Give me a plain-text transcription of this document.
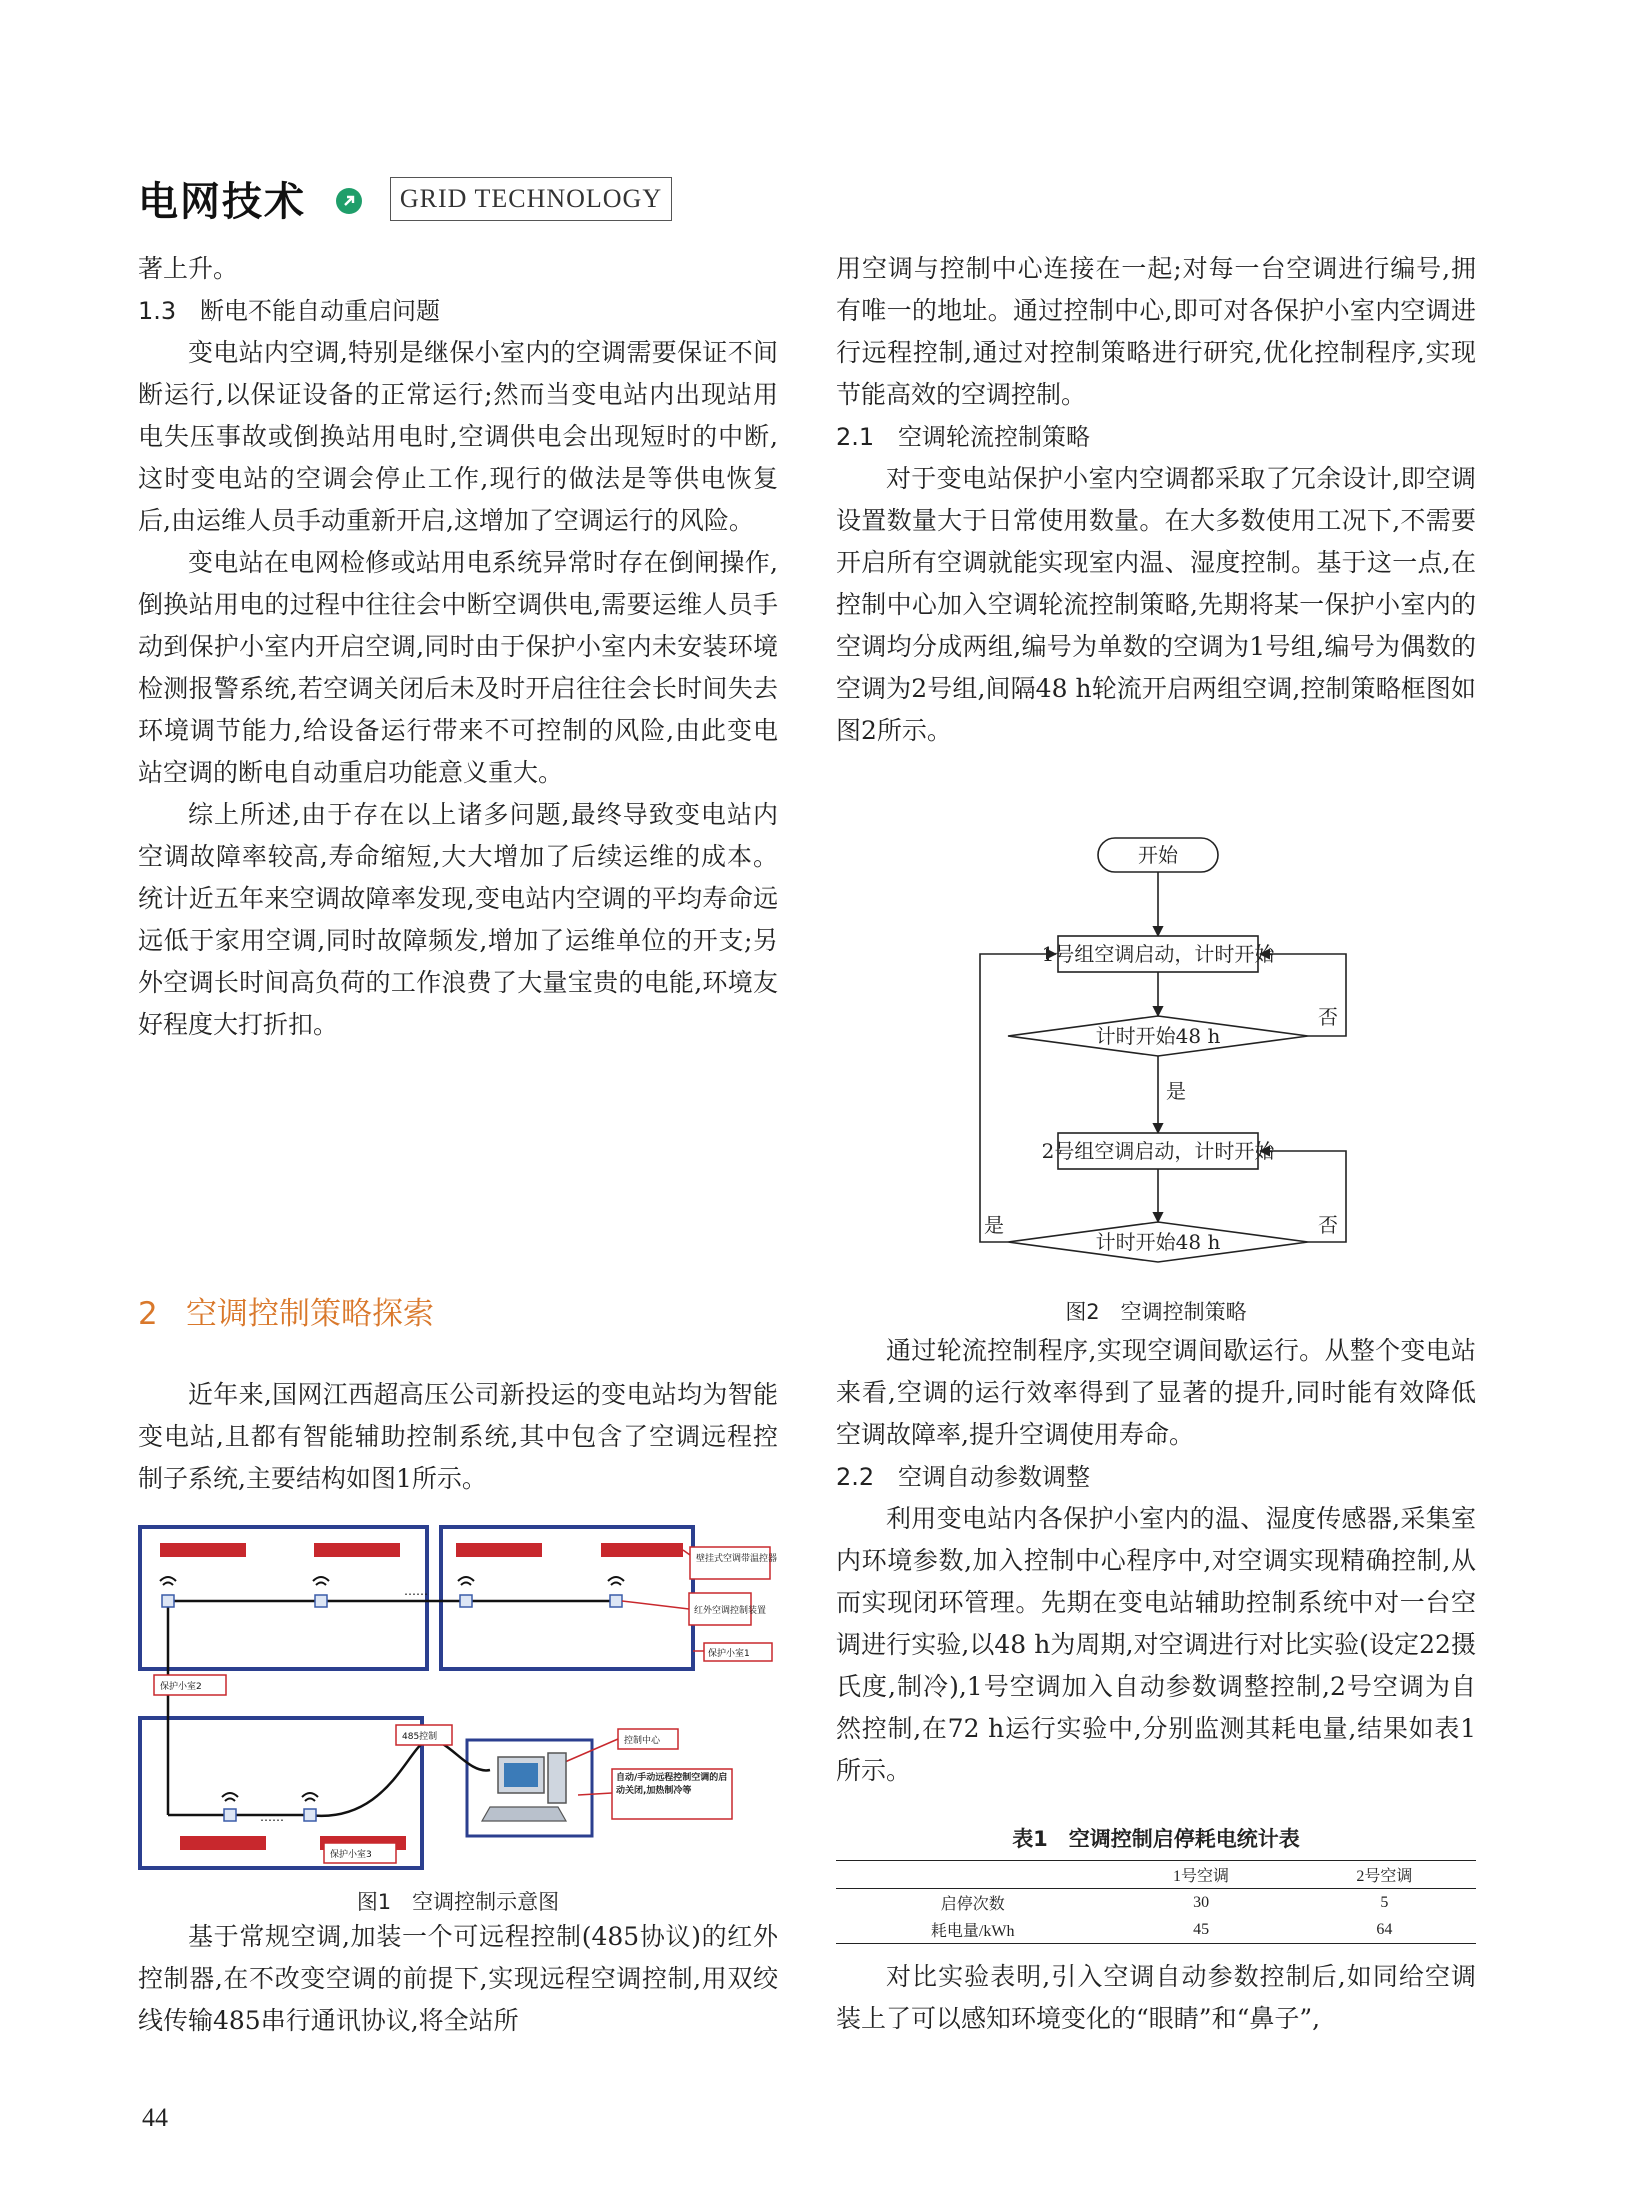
电网技术	GRID TECHNOLOGY

著上升。

1.3 断电不能自动重启问题

变电站内空调,特别是继保小室内的空调需要保证不间断运行,以保证设备的正常运行;然而当变电站内出现站用电失压事故或倒换站用电时,空调供电会出现短时的中断,这时变电站的空调会停止工作,现行的做法是等供电恢复后,由运维人员手动重新开启,这增加了空调运行的风险。

变电站在电网检修或站用电系统异常时存在倒闸操作,倒换站用电的过程中往往会中断空调供电,需要运维人员手动到保护小室内开启空调,同时由于保护小室内未安装环境检测报警系统,若空调关闭后未及时开启往往会长时间失去环境调节能力,给设备运行带来不可控制的风险,由此变电站空调的断电自动重启功能意义重大。

综上所述,由于存在以上诸多问题,最终导致变电站内空调故障率较高,寿命缩短,大大增加了后续运维的成本。统计近五年来空调故障率发现,变电站内空调的平均寿命远远低于家用空调,同时故障频发,增加了运维单位的开支;另外空调长时间高负荷的工作浪费了大量宝贵的电能,环境友好程度大打折扣。

2 空调控制策略探索

近年来,国网江西超高压公司新投运的变电站均为智能变电站,且都有智能辅助控制系统,其中包含了空调远程控制子系统,主要结构如图1所示。

……
……
壁挂式空调带温控器
红外空调控制装置
保护小室1
保护小室2
保护小室3
485控制	控制中心
自动/手动远程控制空调的启动关闭,加热制冷等
图1　空调控制示意图

基于常规空调,加装一个可远程控制(485协议)的红外控制器,在不改变空调的前提下,实现远程空调控制,用双绞线传输485串行通讯协议,将全站所

用空调与控制中心连接在一起;对每一台空调进行编号,拥有唯一的地址。通过控制中心,即可对各保护小室内空调进行远程控制,通过对控制策略进行研究,优化控制程序,实现节能高效的空调控制。

2.1 空调轮流控制策略

对于变电站保护小室内空调都采取了冗余设计,即空调设置数量大于日常使用数量。在大多数使用工况下,不需要开启所有空调就能实现室内温、湿度控制。基于这一点,在控制中心加入空调轮流控制策略,先期将某一保护小室内的空调均分成两组,编号为单数的空调为1号组,编号为偶数的空调为2号组,间隔48 h轮流开启两组空调,控制策略框图如图2所示。

开始
1号组空调启动，计时开始
计时开始48 h
2号组空调启动，计时开始
计时开始48 h
否
是
否
是
图2　空调控制策略

通过轮流控制程序,实现空调间歇运行。从整个变电站来看,空调的运行效率得到了显著的提升,同时能有效降低空调故障率,提升空调使用寿命。

2.2 空调自动参数调整

利用变电站内各保护小室内的温、湿度传感器,采集室内环境参数,加入控制中心程序中,对空调实现精确控制,从而实现闭环管理。先期在变电站辅助控制系统中对一台空调进行实验,以48 h为周期,对空调进行对比实验(设定22摄氏度,制冷),1号空调加入自动参数调整控制,2号空调为自然控制,在72 h运行实验中,分别监测其耗电量,结果如表1所示。

表1　空调控制启停耗电统计表
	1号空调	2号空调
启停次数	30	5
耗电量/kWh	45	64

对比实验表明,引入空调自动参数控制后,如同给空调装上了可以感知环境变化的“眼睛”和“鼻子”,

44
